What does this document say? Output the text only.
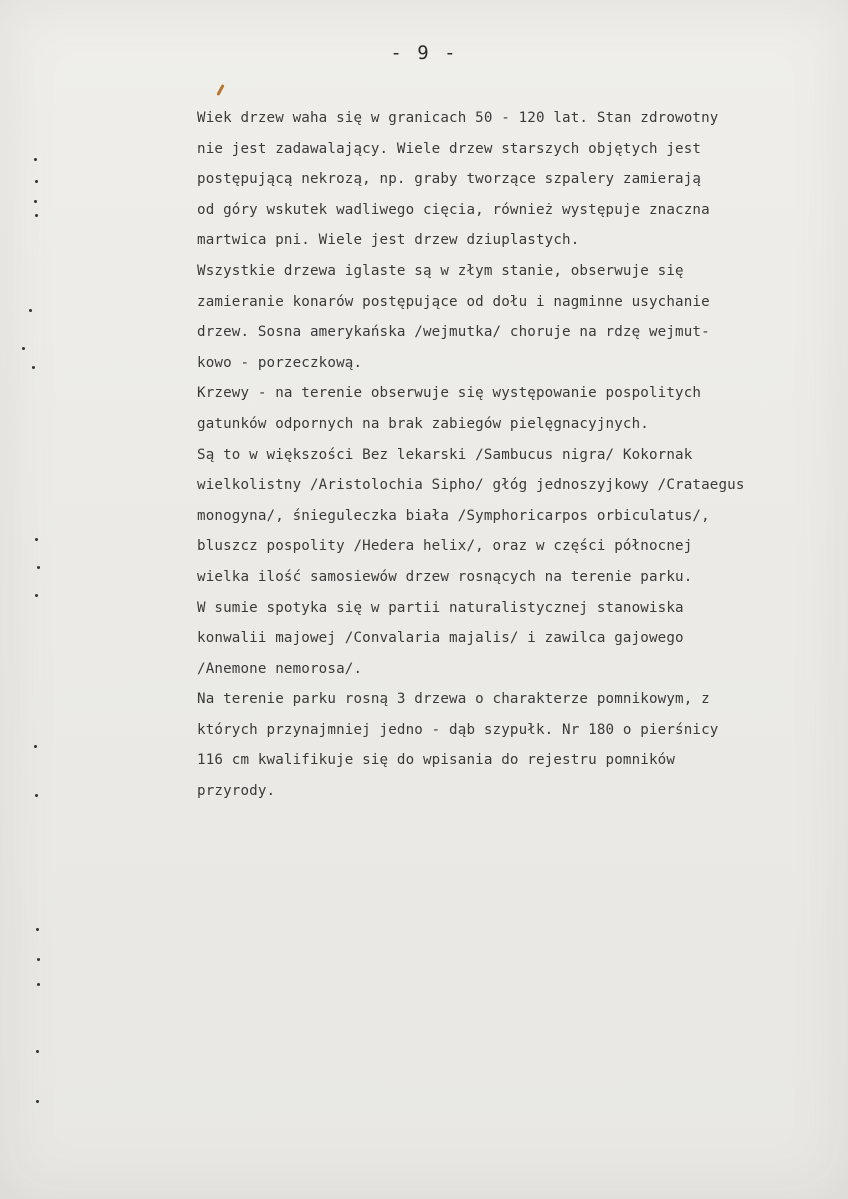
- 9 -
Wiek drzew waha się w granicach 50 - 120 lat. Stan zdrowotny
nie jest zadawalający. Wiele drzew starszych objętych jest
postępującą nekrozą, np. graby tworzące szpalery zamierają
od góry wskutek wadliwego cięcia, również występuje znaczna
martwica pni. Wiele jest drzew dziuplastych.
Wszystkie drzewa iglaste są w złym stanie, obserwuje się
zamieranie konarów postępujące od dołu i nagminne usychanie
drzew. Sosna amerykańska /wejmutka/ choruje na rdzę wejmut-
kowo - porzeczkową.
Krzewy - na terenie obserwuje się występowanie pospolitych
gatunków odpornych na brak zabiegów pielęgnacyjnych.
Są to w większości Bez lekarski /Sambucus nigra/ Kokornak
wielkolistny /Aristolochia Sipho/ głóg jednoszyjkowy /Crataegus
monogyna/, śnieguleczka biała /Symphoricarpos orbiculatus/,
bluszcz pospolity /Hedera helix/, oraz w części północnej
wielka ilość samosiewów drzew rosnących na terenie parku.
W sumie spotyka się w partii naturalistycznej stanowiska
konwalii majowej /Convalaria majalis/ i zawilca gajowego
/Anemone nemorosa/.
Na terenie parku rosną 3 drzewa o charakterze pomnikowym, z
których przynajmniej jedno - dąb szypułk. Nr 180 o pierśnicy
116 cm kwalifikuje się do wpisania do rejestru pomników
przyrody.
